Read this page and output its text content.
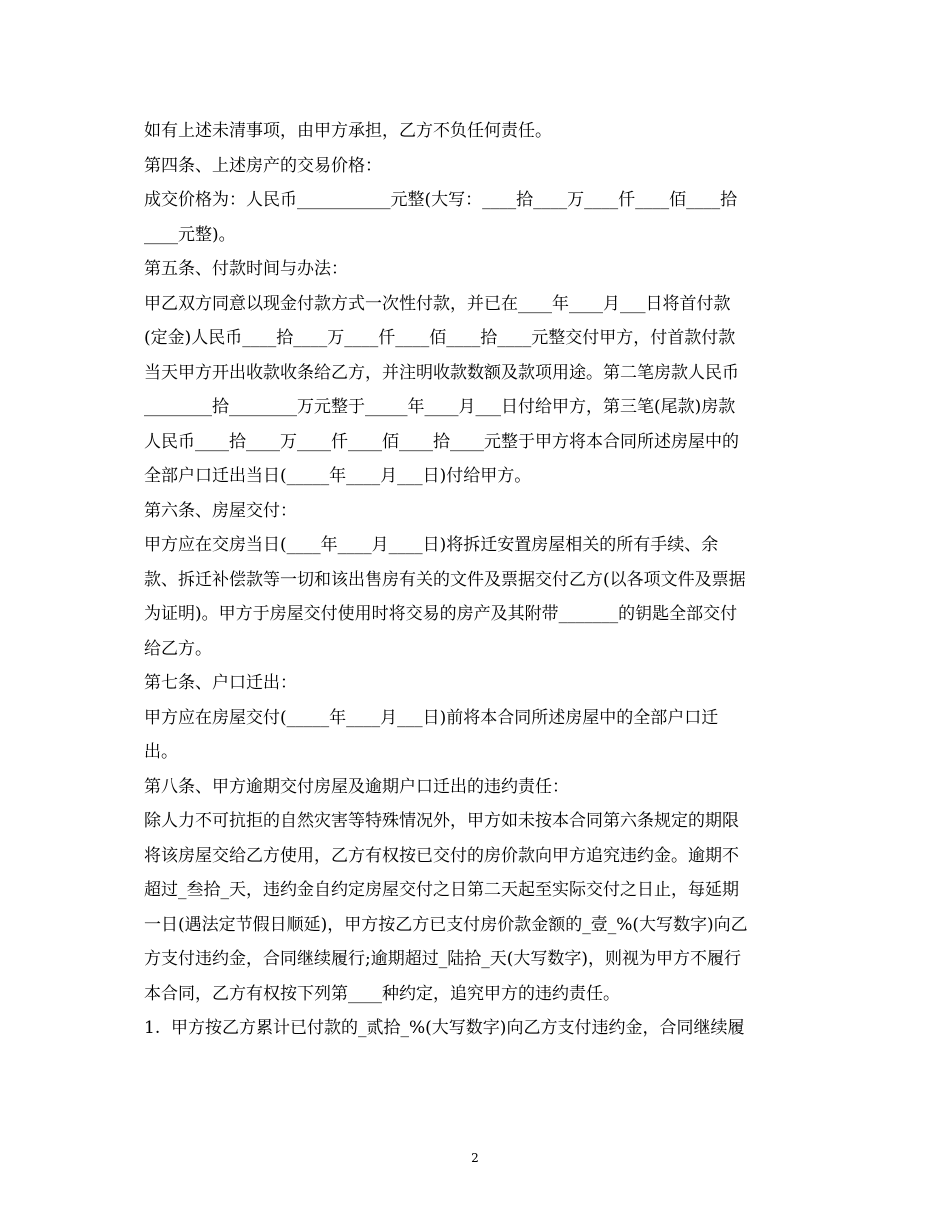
如有上述未清事项，由甲方承担，乙方不负任何责任。
第四条、上述房产的交易价格：
成交价格为：人民币___________元整(大写：____拾____万____仟____佰____拾
____元整)。
第五条、付款时间与办法：
甲乙双方同意以现金付款方式一次性付款，并已在____年____月___日将首付款
(定金)人民币____拾____万____仟____佰____拾____元整交付甲方，付首款付款
当天甲方开出收款收条给乙方，并注明收款数额及款项用途。第二笔房款人民币
________拾________万元整于_____年____月___日付给甲方，第三笔(尾款)房款
人民币____拾____万____仟____佰____拾____元整于甲方将本合同所述房屋中的
全部户口迁出当日(_____年____月___日)付给甲方。
第六条、房屋交付：
甲方应在交房当日(____年____月____日)将拆迁安置房屋相关的所有手续、余
款、拆迁补偿款等一切和该出售房有关的文件及票据交付乙方(以各项文件及票据
为证明)。甲方于房屋交付使用时将交易的房产及其附带_______的钥匙全部交付
给乙方。
第七条、户口迁出：
甲方应在房屋交付(_____年____月___日)前将本合同所述房屋中的全部户口迁
出。
第八条、甲方逾期交付房屋及逾期户口迁出的违约责任：
除人力不可抗拒的自然灾害等特殊情况外，甲方如未按本合同第六条规定的期限
将该房屋交给乙方使用，乙方有权按已交付的房价款向甲方追究违约金。逾期不
超过_叁拾_天，违约金自约定房屋交付之日第二天起至实际交付之日止，每延期
一日(遇法定节假日顺延)，甲方按乙方已支付房价款金额的_壹_%(大写数字)向乙
方支付违约金，合同继续履行;逾期超过_陆拾_天(大写数字)，则视为甲方不履行
本合同，乙方有权按下列第____种约定，追究甲方的违约责任。
1.  甲方按乙方累计已付款的_贰拾_%(大写数字)向乙方支付违约金，合同继续履
2
